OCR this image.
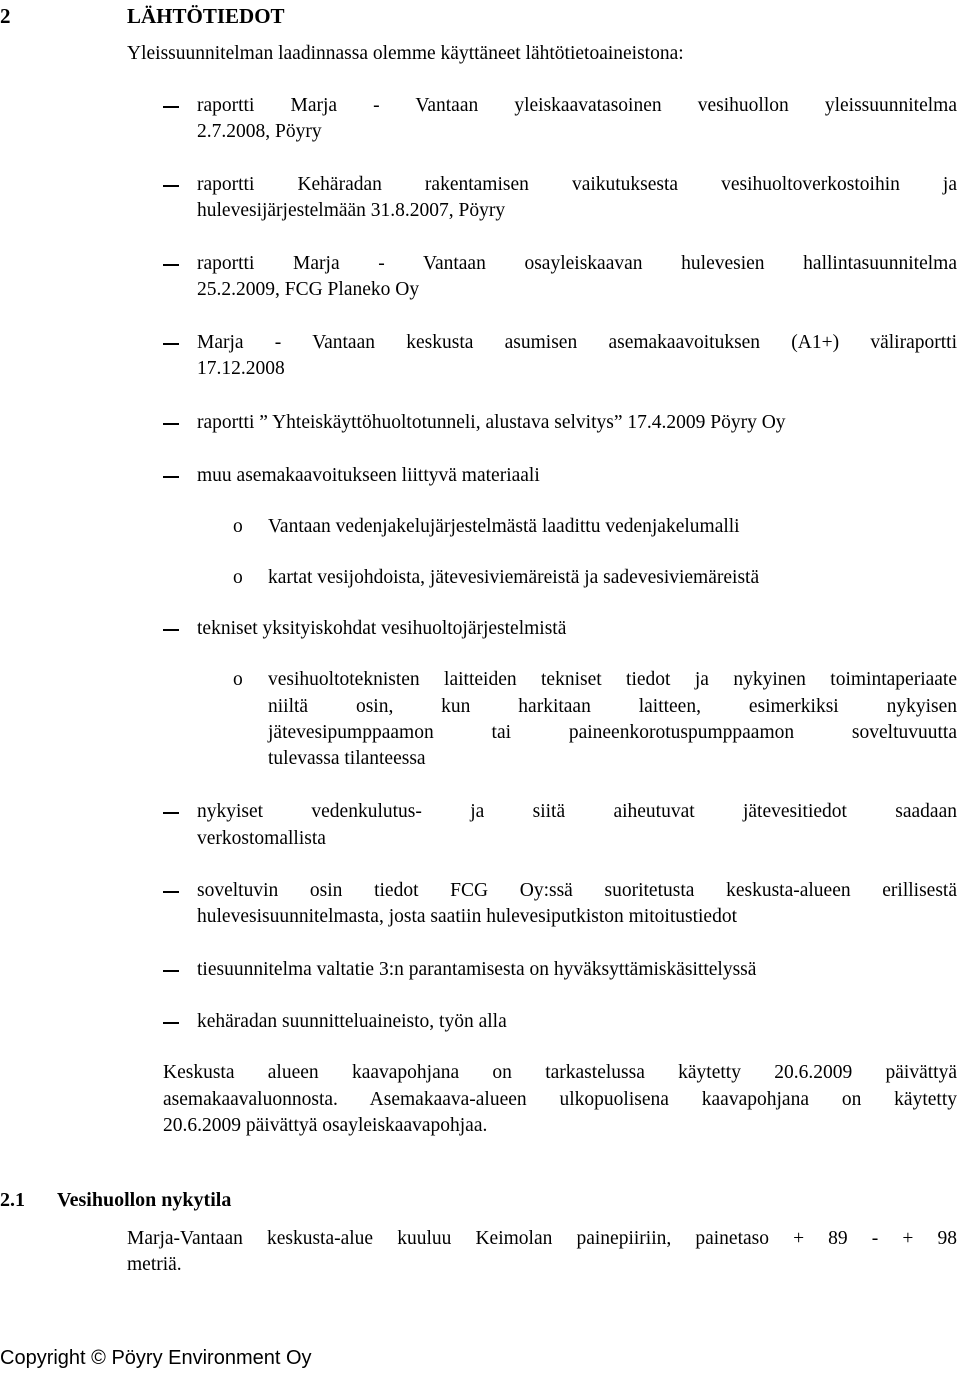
2	LÄHTÖTIEDOT
Yleissuunnitelman laadinnassa olemme käyttäneet lähtötietoaineistona:
raportti Marja - Vantaan yleiskaavatasoinen vesihuollon yleissuunnitelma
2.7.2008, Pöyry
raportti Kehäradan rakentamisen vaikutuksesta vesihuoltoverkostoihin ja
hulevesijärjestelmään 31.8.2007, Pöyry
raportti Marja - Vantaan osayleiskaavan hulevesien hallintasuunnitelma
25.2.2009, FCG Planeko Oy
Marja - Vantaan keskusta asumisen asemakaavoituksen (A1+) väliraportti
17.12.2008
raportti ” Yhteiskäyttöhuoltotunneli, alustava selvitys” 17.4.2009 Pöyry Oy
muu asemakaavoitukseen liittyvä materiaali
o Vantaan vedenjakelujärjestelmästä laadittu vedenjakelumalli
o kartat vesijohdoista, jätevesiviemäreistä ja sadevesiviemäreistä
tekniset yksityiskohdat vesihuoltojärjestelmistä
o vesihuoltoteknisten laitteiden tekniset tiedot ja nykyinen toimintaperiaate
niiltä osin, kun harkitaan laitteen, esimerkiksi nykyisen
jätevesipumppaamon tai paineenkorotuspumppaamon soveltuvuutta
tulevassa tilanteessa
nykyiset vedenkulutus- ja siitä aiheutuvat jätevesitiedot saadaan
verkostomallista
soveltuvin osin tiedot FCG Oy:ssä suoritetusta keskusta-alueen erillisestä
hulevesisuunnitelmasta, josta saatiin hulevesiputkiston mitoitustiedot
tiesuunnitelma valtatie 3:n parantamisesta on hyväksyttämiskäsittelyssä
kehäradan suunnitteluaineisto, työn alla
Keskusta alueen kaavapohjana on tarkastelussa käytetty 20.6.2009 päivättyä
asemakaavaluonnosta. Asemakaava-alueen ulkopuolisena kaavapohjana on käytetty
20.6.2009 päivättyä osayleiskaavapohjaa.
2.1 Vesihuollon nykytila
Marja-Vantaan keskusta-alue kuuluu Keimolan painepiiriin, painetaso + 89 - + 98
metriä.
Copyright © Pöyry Environment Oy
